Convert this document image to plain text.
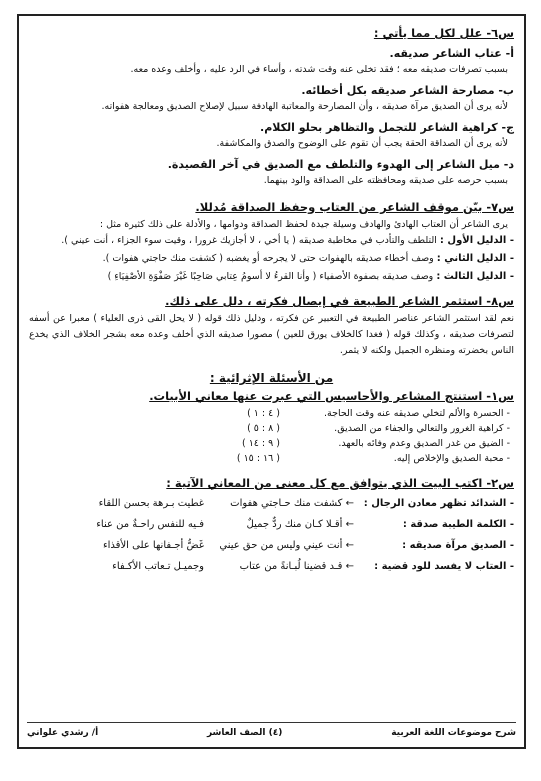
س٦- علل لكل مما يأتي :
أ- عتاب الشاعر صديقه.
بسبب تصرفات صديقه معه ؛ فقد تخلى عنه وقت شدته ، وأساء في الرد عليه ، وأخلف وعده معه.
ب- مصارحة الشاعر صديقه بكل أخطائه.
لأنه يرى أن الصديق مرآة صديقه ، وأن المصارحة والمعاتبة الهادفة سبيل لإصلاح الصديق ومعالجة هفواته.
ج- كراهية الشاعر للتجمل والتظاهر بحلو الكلام.
لأنه يرى أن الصداقة الحقة يجب أن تقوم على الوضوح والصدق والمكاشفة.
د- ميل الشاعر إلى الهدوء والتلطف مع الصديق في آخر القصيدة.
بسبب حرصه على صديقه ومحافظته على الصداقة والود بينهما.
س٧- بيّن موقف الشاعر من العتاب وحفظ الصداقة مُدللا.
يرى الشاعر أن العتاب الهادئ والهادف وسيلة جيدة لحفظ الصداقة ودوامها ، والأدلة على ذلك كثيرة مثل :
- الدليل الأول : التلطف والتأدب في مخاطبة صديقه ( يا أخي ، لا أجازيك غرورا ، وقيت سوء الجزاء ، أنت عيني ).
- الدليل الثاني : وصف أخطاء صديقه بالهفوات حتى لا يجرحه أو يغضبه ( كشفت منك حاجتي هفوات ).
- الدليل الثالث : وصف صديقه بصفوة الأصفياء ( وأنا القرءُ لا أسومُ عِتابي صَاحِبًا غَيْرَ صَفْوَةِ الأصْفِيَاءِ )
س٨- استثمر الشاعر الطبيعة في إيصال فكرته ، دلل على ذلك.
نعم لقد استثمر الشاعر عناصر الطبيعة في التعبير عن فكرته ، ودليل ذلك قوله ( لا يحل القى ذرى العلياء ) معبرا عن أسفه لتصرفات صديقه ، وكذلك قوله ( فغدا كالخلاف يورق للعين ) مصورا صديقه الذي أخلف وعده معه بشجر الخلاف الذي يخدع الناس بخضرته ومنظره الجميل ولكنه لا يثمر.
من الأسئلة الإثرائية :
س١- استنتج المشاعر والأحاسيس التي عبرت عنها معاني الأبيات.
- الحسرة والألم لتخلي صديقه عنه وقت الحاجة.
( ٤ : ١ )
- كراهية الغرور والتعالي والجفاء من الصديق.
( ٨ : ٥ )
- الضيق من غدر الصديق وعدم وفائه بالعهد.
( ٩ : ١٤ )
- محبة الصديق والإخلاص إليه.
( ١٦ : ١٥ )
س٢- اكتب البيت الذي يتوافق مع كل معنى من المعاني الآتية :
- الشدائد تظهر معادن الرجال :
← كشفت منك حـاجتي هفوات
غطيت بـرهة بحسن اللقاء
- الكلمة الطيبة صدقة :
← أقـلا كـان منك ردٌّ جميلٌ
فـيه للنفس راحـةٌ من عناء
- الصديق مرآة صديقه :
← أنت عيني وليس من حق عيني
غَضُّ أجـفانها على الأقذاء
- العتاب لا يفسد للود قضية :
← قـد قضينا لُبـانةً من عتاب
وجميـل تـعاتب الأكـفاء
شرح موضوعات اللغة العربية
(٤) الصف العاشر
أ/ رشدي علواني
